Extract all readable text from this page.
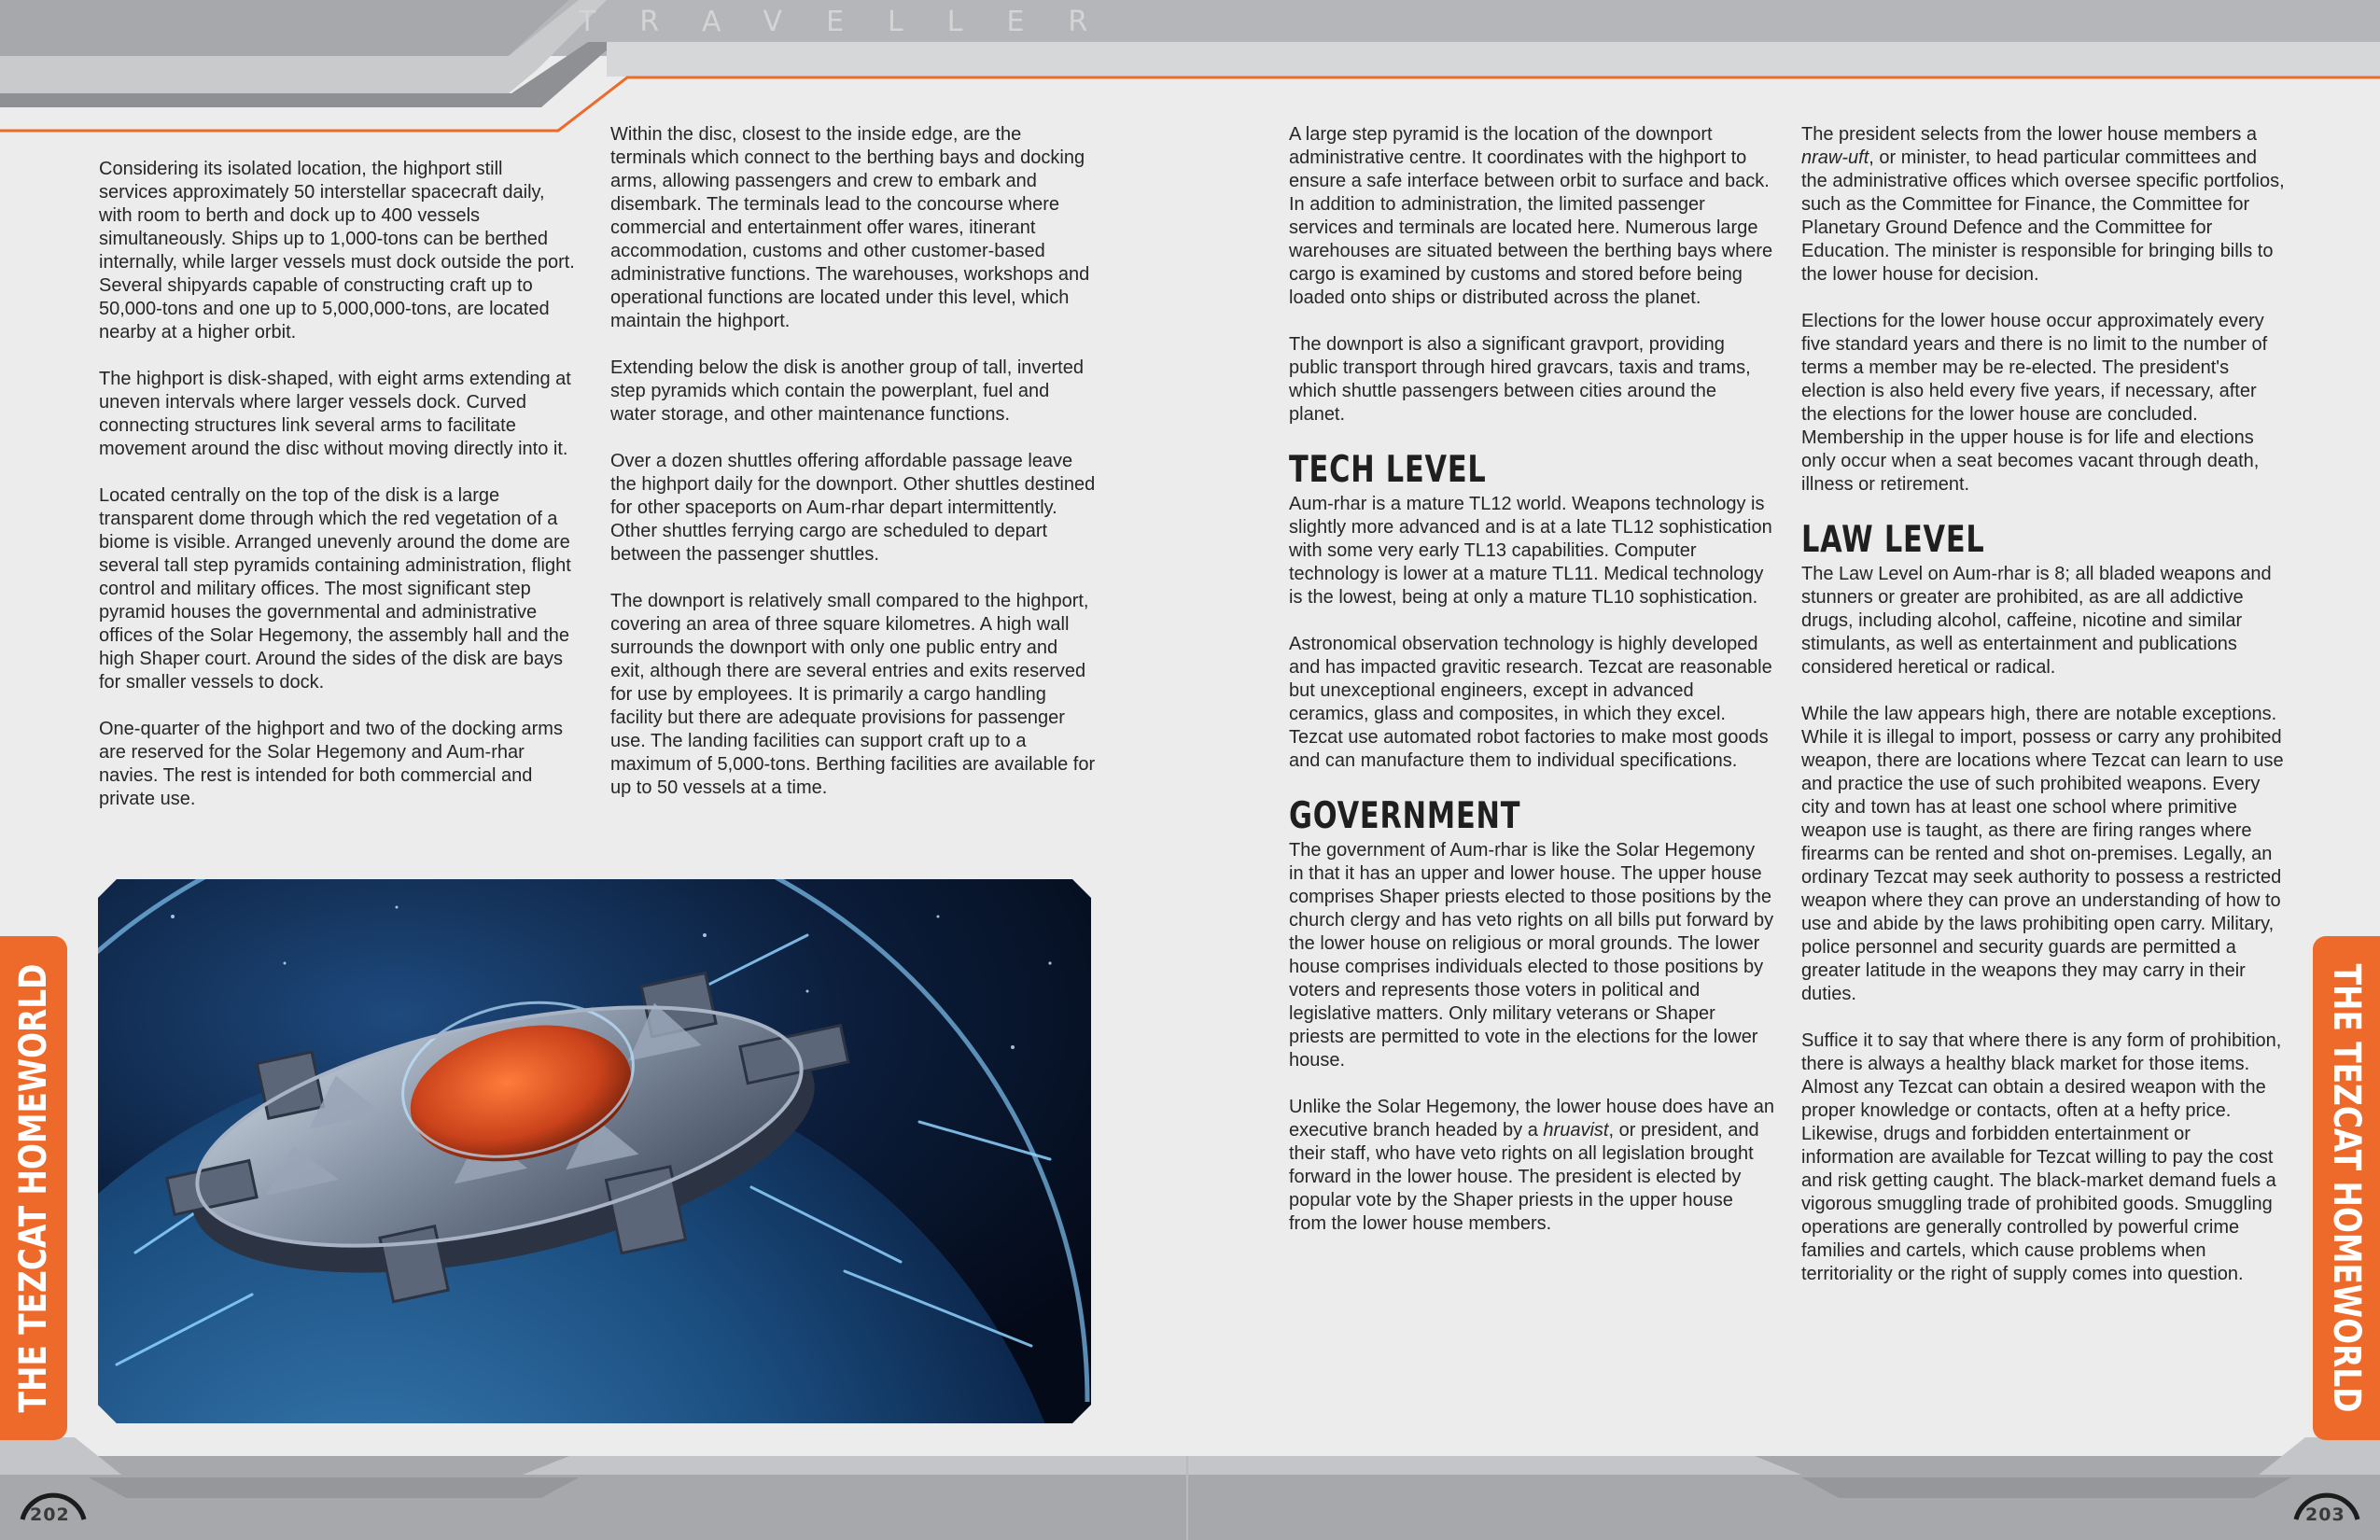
TRAVELLER
THE TEZCAT HOMEWORLD	THE TEZCAT HOMEWORLD
202	203

Considering its isolated location, the highport still services approximately 50 interstellar spacecraft daily, with room to berth and dock up to 400 vessels simultaneously. Ships up to 1,000-tons can be berthed internally, while larger vessels must dock outside the port. Several shipyards capable of constructing craft up to 50,000-tons and one up to 5,000,000-tons, are located nearby at a higher orbit.

The highport is disk-shaped, with eight arms extending at uneven intervals where larger vessels dock. Curved connecting structures link several arms to facilitate movement around the disc without moving directly into it.

Located centrally on the top of the disk is a large transparent dome through which the red vegetation of a biome is visible. Arranged unevenly around the dome are several tall step pyramids containing administration, flight control and military offices. The most significant step pyramid houses the governmental and administrative offices of the Solar Hegemony, the assembly hall and the high Shaper court. Around the sides of the disk are bays for smaller vessels to dock.

One-quarter of the highport and two of the docking arms are reserved for the Solar Hegemony and Aum-rhar navies. The rest is intended for both commercial and private use.

Within the disc, closest to the inside edge, are the terminals which connect to the berthing bays and docking arms, allowing passengers and crew to embark and disembark. The terminals lead to the concourse where commercial and entertainment offer wares, itinerant accommodation, customs and other customer-based administrative functions. The warehouses, workshops and operational functions are located under this level, which maintain the highport.

Extending below the disk is another group of tall, inverted step pyramids which contain the powerplant, fuel and water storage, and other maintenance functions.

Over a dozen shuttles offering affordable passage leave the highport daily for the downport. Other shuttles destined for other spaceports on Aum-rhar depart intermittently. Other shuttles ferrying cargo are scheduled to depart between the passenger shuttles.

The downport is relatively small compared to the highport, covering an area of three square kilometres. A high wall surrounds the downport with only one public entry and exit, although there are several entries and exits reserved for use by employees. It is primarily a cargo handling facility but there are adequate provisions for passenger use. The landing facilities can support craft up to a maximum of 5,000-tons. Berthing facilities are available for up to 50 vessels at a time.

A large step pyramid is the location of the downport administrative centre. It coordinates with the highport to ensure a safe interface between orbit to surface and back. In addition to administration, the limited passenger services and terminals are located here. Numerous large warehouses are situated between the berthing bays where cargo is examined by customs and stored before being loaded onto ships or distributed across the planet.

The downport is also a significant gravport, providing public transport through hired gravcars, taxis and trams, which shuttle passengers between cities around the planet.

TECH LEVEL

Aum-rhar is a mature TL12 world. Weapons technology is slightly more advanced and is at a late TL12 sophistication with some very early TL13 capabilities. Computer technology is lower at a mature TL11. Medical technology is the lowest, being at only a mature TL10 sophistication.

Astronomical observation technology is highly developed and has impacted gravitic research. Tezcat are reasonable but unexceptional engineers, except in advanced ceramics, glass and composites, in which they excel. Tezcat use automated robot factories to make most goods and can manufacture them to individual specifications.

GOVERNMENT

The government of Aum-rhar is like the Solar Hegemony in that it has an upper and lower house. The upper house comprises Shaper priests elected to those positions by the church clergy and has veto rights on all bills put forward by the lower house on religious or moral grounds. The lower house comprises individuals elected to those positions by voters and represents those voters in political and legislative matters. Only military veterans or Shaper priests are permitted to vote in the elections for the lower house.

Unlike the Solar Hegemony, the lower house does have an executive branch headed by a hruavist, or president, and their staff, who have veto rights on all legislation brought forward in the lower house. The president is elected by popular vote by the Shaper priests in the upper house from the lower house members.

The president selects from the lower house members a nraw-uft, or minister, to head particular committees and the administrative offices which oversee specific portfolios, such as the Committee for Finance, the Committee for Planetary Ground Defence and the Committee for Education. The minister is responsible for bringing bills to the lower house for decision.

Elections for the lower house occur approximately every five standard years and there is no limit to the number of terms a member may be re-elected. The president's election is also held every five years, if necessary, after the elections for the lower house are concluded. Membership in the upper house is for life and elections only occur when a seat becomes vacant through death, illness or retirement.

LAW LEVEL

The Law Level on Aum-rhar is 8; all bladed weapons and stunners or greater are prohibited, as are all addictive drugs, including alcohol, caffeine, nicotine and similar stimulants, as well as entertainment and publications considered heretical or radical.

While the law appears high, there are notable exceptions. While it is illegal to import, possess or carry any prohibited weapon, there are locations where Tezcat can learn to use and practice the use of such prohibited weapons. Every city and town has at least one school where primitive weapon use is taught, as there are firing ranges where firearms can be rented and shot on-premises. Legally, an ordinary Tezcat may seek authority to possess a restricted weapon where they can prove an understanding of how to use and abide by the laws prohibiting open carry. Military, police personnel and security guards are permitted a greater latitude in the weapons they may carry in their duties.

Suffice it to say that where there is any form of prohibition, there is always a healthy black market for those items. Almost any Tezcat can obtain a desired weapon with the proper knowledge or contacts, often at a hefty price. Likewise, drugs and forbidden entertainment or information are available for Tezcat willing to pay the cost and risk getting caught. The black-market demand fuels a vigorous smuggling trade of prohibited goods. Smuggling operations are generally controlled by powerful crime families and cartels, which cause problems when territoriality or the right of supply comes into question.
